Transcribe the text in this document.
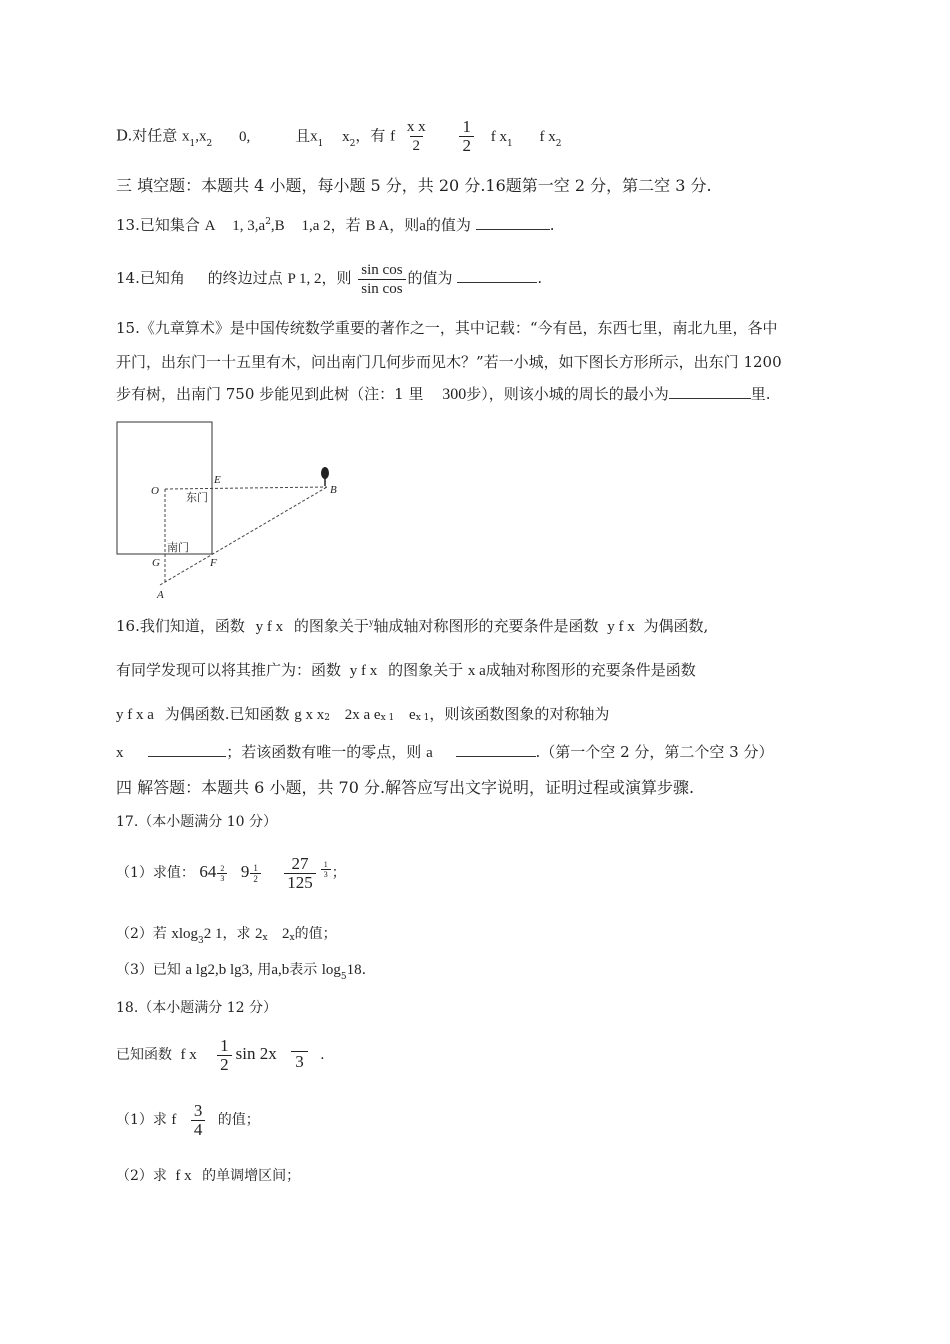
D.对任意 $x_1,x_2$ 0,	且$x_1$ $x_2$，有 f $\frac{\text{x x}}{2}$
$\frac{1}{2}$ f $x_1$ f $x_2$
三 填空题：本题共 4 小题，每小题 5 分，共 20 分.16题第一空 2 分，第二空 3 分.
13.已知集合 A 1, $3,a^2,B$ 1,a 2，若 B A，则a的值为	.
14.已知角 的终边过点 P 1, 2，则 $\frac{\text{sin cos}}{\text{sin cos}}$ 的值为	.
15.《九章算术》是中国传统数学重要的著作之一，其中记载：“今有邑，东西七里，南北九里，各中
开门，出东门一十五里有木，问出南门几何步而见木？”若一小城，如下图长方形所示，出东门 1200
步有树，出南门 750 步能见到此树（注：1 里 300步），则该小城的周长的最小为	里.
O
E
B
G	F
A
东门
南门
16.我们知道，函数 y f x 的图象关于$^y$轴成轴对称图形的充要条件是函数 y f x 为偶函数,
有同学发现可以将其推广为：函数 y f x 的图象关于 x a成轴对称图形的充要条件是函数
y f x a 为偶函数.已知函数 g x x2 2x a ex 1 ex 1，则该函数图象的对称轴为
x	；若该函数有唯一的零点，则 a	.（第一个空 2 分，第二个空 3 分）
四 解答题：本题共 6 小题，共 70 分.解答应写出文字说明，证明过程或演算步骤.
17.（本小题满分 10 分）
（1）求值： $64 \frac{2}{3} 9 \frac{1}{2}$
$\frac{27}{125} \frac{1}{3}$ ；
（2）若 xlog$_3$2 1，求 2x 2x的值；
（3）已知 a lg2,b lg3, 用a,b表示 $\log_518$.
18.（本小题满分 12 分）
已知函数 f x $\frac{1}{2}$ sin 2x 3 .
（1）求 f $\frac{3}{4}$ 的值；
（2）求 f x 的单调增区间；
